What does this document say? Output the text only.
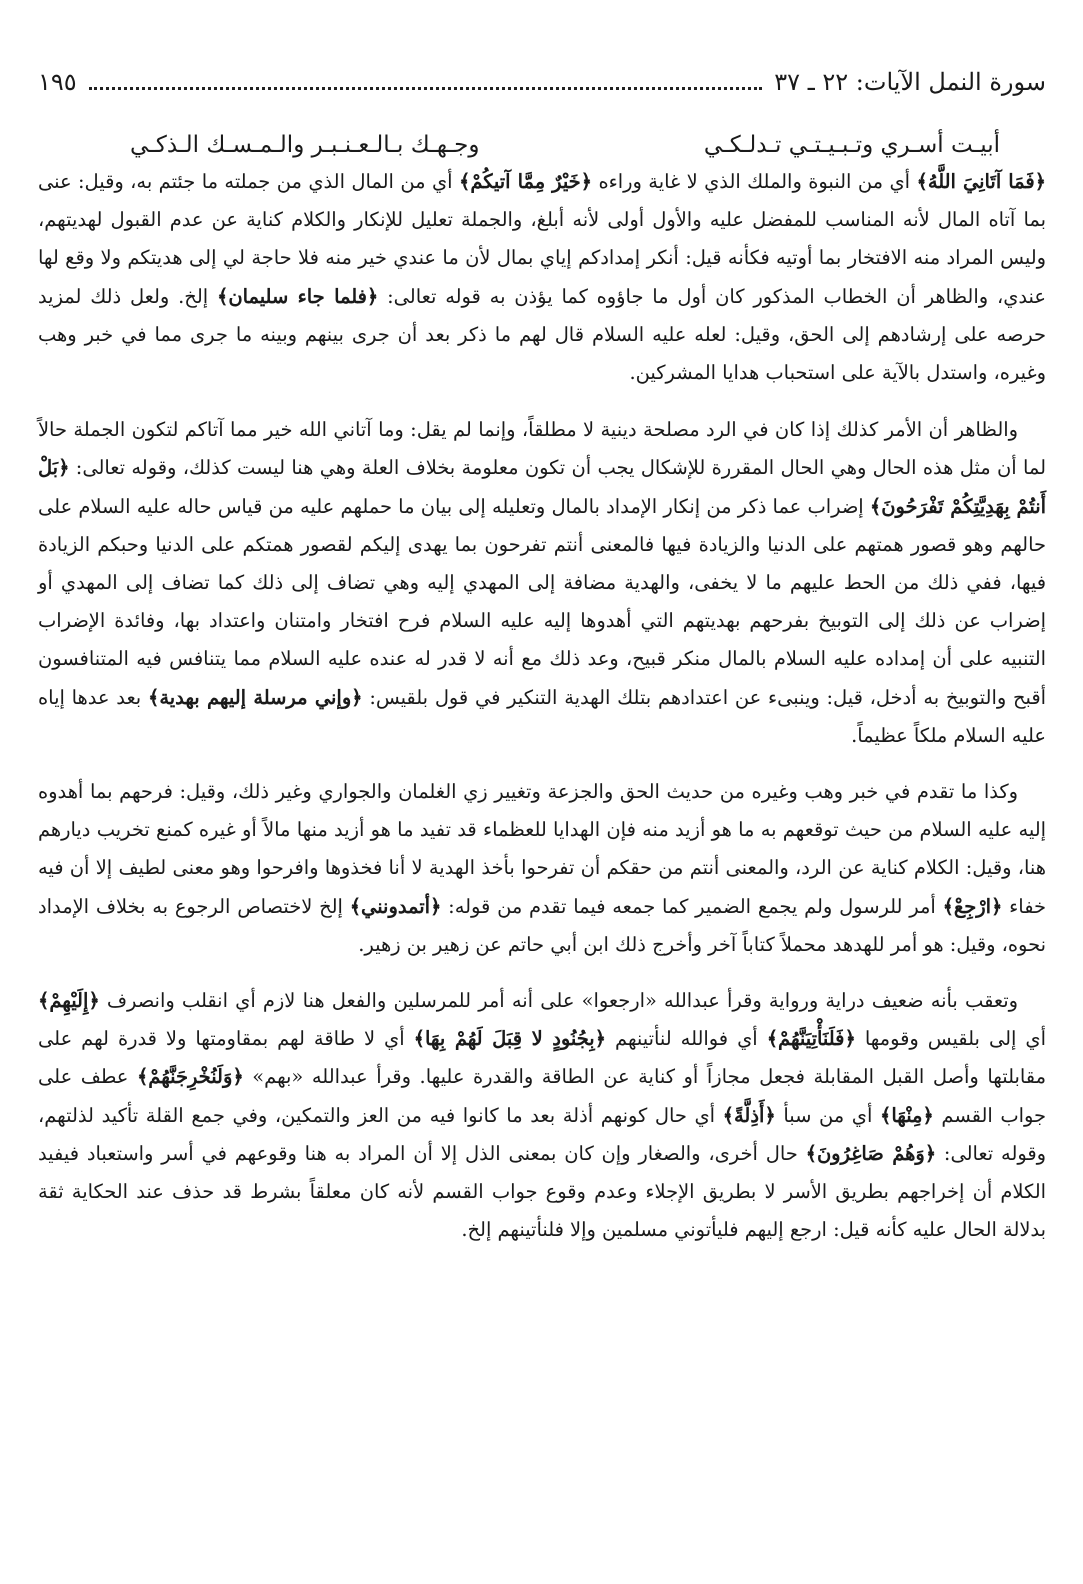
سورة النمل الآيات: ٢٢ ـ ٣٧
١٩٥
أبيـت أسـري وتـبـيـتـي تـدلـكـي
وجـهـك بـالـعـنـبـر والـمـسـك الـذكـي

﴿فَمَا آتَانِيَ اللَّهُ﴾ أي من النبوة والملك الذي لا غاية وراءه ﴿خَيْرٌ مِمَّا آتيكُمْ﴾ أي من المال الذي من جملته ما جئتم به، وقيل: عنى بما آتاه المال لأنه المناسب للمفضل عليه والأول أولى لأنه أبلغ، والجملة تعليل للإنكار والكلام كناية عن عدم القبول لهديتهم، وليس المراد منه الافتخار بما أوتيه فكأنه قيل: أنكر إمدادكم إياي بمال لأن ما عندي خير منه فلا حاجة لي إلى هديتكم ولا وقع لها عندي، والظاهر أن الخطاب المذكور كان أول ما جاؤوه كما يؤذن به قوله تعالى: ﴿فلما جاء سليمان﴾ إلخ. ولعل ذلك لمزيد حرصه على إرشادهم إلى الحق، وقيل: لعله عليه السلام قال لهم ما ذكر بعد أن جرى بينهم وبينه ما جرى مما في خبر وهب وغيره، واستدل بالآية على استحباب هدايا المشركين.

والظاهر أن الأمر كذلك إذا كان في الرد مصلحة دينية لا مطلقاً، وإنما لم يقل: وما آتاني الله خير مما آتاكم لتكون الجملة حالاً لما أن مثل هذه الحال وهي الحال المقررة للإشكال يجب أن تكون معلومة بخلاف العلة وهي هنا ليست كذلك، وقوله تعالى: ﴿بَلْ أَنتُمْ بِهَدِيَّتِكُمْ تَفْرَحُونَ﴾ إضراب عما ذكر من إنكار الإمداد بالمال وتعليله إلى بيان ما حملهم عليه من قياس حاله عليه السلام على حالهم وهو قصور همتهم على الدنيا والزيادة فيها فالمعنى أنتم تفرحون بما يهدى إليكم لقصور همتكم على الدنيا وحبكم الزيادة فيها، ففي ذلك من الحط عليهم ما لا يخفى، والهدية مضافة إلى المهدي إليه وهي تضاف إلى ذلك كما تضاف إلى المهدي أو إضراب عن ذلك إلى التوبيخ بفرحهم بهديتهم التي أهدوها إليه عليه السلام فرح افتخار وامتنان واعتداد بها، وفائدة الإضراب التنبيه على أن إمداده عليه السلام بالمال منكر قبيح، وعد ذلك مع أنه لا قدر له عنده عليه السلام مما يتنافس فيه المتنافسون أقبح والتوبيخ به أدخل، قيل: وينبىء عن اعتدادهم بتلك الهدية التنكير في قول بلقيس: ﴿وإني مرسلة إليهم بهدية﴾ بعد عدها إياه عليه السلام ملكاً عظيماً.

وكذا ما تقدم في خبر وهب وغيره من حديث الحق والجزعة وتغيير زي الغلمان والجواري وغير ذلك، وقيل: فرحهم بما أهدوه إليه عليه السلام من حيث توقعهم به ما هو أزيد منه فإن الهدايا للعظماء قد تفيد ما هو أزيد منها مالاً أو غيره كمنع تخريب ديارهم هنا، وقيل: الكلام كناية عن الرد، والمعنى أنتم من حقكم أن تفرحوا بأخذ الهدية لا أنا فخذوها وافرحوا وهو معنى لطيف إلا أن فيه خفاء ﴿ارْجِعْ﴾ أمر للرسول ولم يجمع الضمير كما جمعه فيما تقدم من قوله: ﴿أتمدونني﴾ إلخ لاختصاص الرجوع به بخلاف الإمداد نحوه، وقيل: هو أمر للهدهد محملاً كتاباً آخر وأخرج ذلك ابن أبي حاتم عن زهير بن زهير.

وتعقب بأنه ضعيف دراية ورواية وقرأ عبدالله «ارجعوا» على أنه أمر للمرسلين والفعل هنا لازم أي انقلب وانصرف ﴿إِلَيْهِمْ﴾ أي إلى بلقيس وقومها ﴿فَلَنَأْتِيَنَّهُمْ﴾ أي فوالله لنأتينهم ﴿بِجُنُودٍ لا قِبَلَ لَهُمْ بِهَا﴾ أي لا طاقة لهم بمقاومتها ولا قدرة لهم على مقابلتها وأصل القبل المقابلة فجعل مجازاً أو كناية عن الطاقة والقدرة عليها. وقرأ عبدالله «بهم» ﴿وَلَنُخْرِجَنَّهُمْ﴾ عطف على جواب القسم ﴿مِنْهَا﴾ أي من سبأ ﴿أَذِلَّةً﴾ أي حال كونهم أذلة بعد ما كانوا فيه من العز والتمكين، وفي جمع القلة تأكيد لذلتهم، وقوله تعالى: ﴿وَهُمْ صَاغِرُونَ﴾ حال أخرى، والصغار وإن كان بمعنى الذل إلا أن المراد به هنا وقوعهم في أسر واستعباد فيفيد الكلام أن إخراجهم بطريق الأسر لا بطريق الإجلاء وعدم وقوع جواب القسم لأنه كان معلقاً بشرط قد حذف عند الحكاية ثقة بدلالة الحال عليه كأنه قيل: ارجع إليهم فليأتوني مسلمين وإلا فلنأتينهم إلخ.
